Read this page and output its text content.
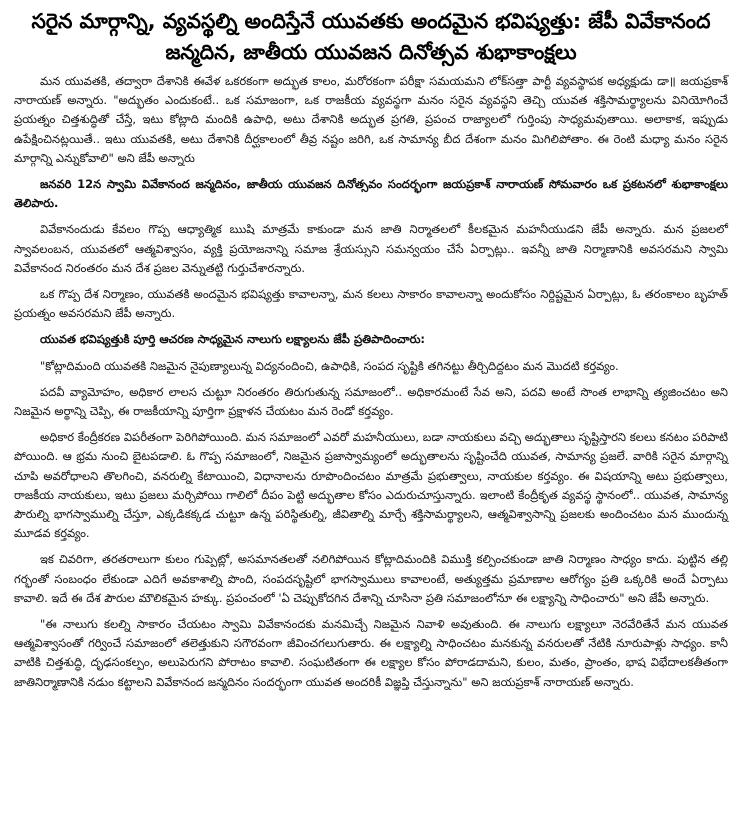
సరైన మార్గాన్ని, వ్యవస్థల్ని అందిస్తేనే యువతకు అందమైన భవిష్యత్తు: జేపీ వివేకానంద జన్మదిన, జాతీయ యువజన దినోత్సవ శుభాకాంక్షలు

మన యువతకి, తద్వారా దేశానికి ఈవేళ ఒకరకంగా అద్భుత కాలం, మరోరకంగా పరీక్షా సమయమని లోక్‌సత్తా పార్టీ వ్యవస్థాపక అధ్యక్షుడు డా॥ జయప్రకాశ్ నారాయణ్ అన్నారు. "అద్భుతం ఎందుకంటే.. ఒక సమాజంగా, ఒక రాజకీయ వ్యవస్థగా మనం సరైన వ్యవస్థని తెచ్చి యువత శక్తిసామర్థ్యాలను వినియోగించే ప్రయత్నం చిత్తశుద్ధితో చేస్తే, ఇటు కోట్లాది మందికి ఉపాధి, అటు దేశానికి అద్భుత ప్రగతి, ప్రపంచ రాజ్యాలలో గుర్తింపు సాధ్యమవుతాయి. అలాకాక, ఇప్పుడు ఉపేక్షించినట్లయితే.. ఇటు యువతకి, అటు దేశానికి దీర్ఘకాలంలో తీవ్ర నష్టం జరిగి, ఒక సామాన్య బీద దేశంగా మనం మిగిలిపోతాం. ఈ రెంటి మధ్యా మనం సరైన మార్గాన్ని ఎన్నుకోవాలి" అని జేపీ అన్నారు

జనవరి 12న స్వామి వివేకానంద జన్మదినం, జాతీయ యువజన దినోత్సవం సందర్భంగా జయప్రకాశ్ నారాయణ్ సోమవారం ఒక ప్రకటనలో శుభాకాంక్షలు తెలిపారు.

వివేకానందుడు కేవలం గొప్ప ఆధ్యాత్మిక ఋషి మాత్రమే కాకుండా మన జాతి నిర్మాతలలో కీలకమైన మహనీయుడని జేపీ అన్నారు. మన ప్రజలలో స్వావలంబన, యువతలో ఆత్మవిశ్వాసం, వ్యక్తి ప్రయోజనాన్ని సమాజ శ్రేయస్సుని సమన్వయం చేసే ఏర్పాట్లు.. ఇవన్నీ జాతి నిర్మాణానికి అవసరమని స్వామి వివేకానంద నిరంతరం మన దేశ ప్రజల వెన్నుతట్టి గుర్తుచేశారన్నారు.

ఒక గొప్ప దేశ నిర్మాణం, యువతకి అందమైన భవిష్యత్తు కావాలన్నా, మన కలలు సాకారం కావాలన్నా అందుకోసం నిర్దిష్టమైన ఏర్పాట్లు, ఓ తరంకాలం బృహత్ ప్రయత్నం అవసరమని జేపీ అన్నారు.

యువత భవిష్యత్తుకి పూర్తి ఆచరణ సాధ్యమైన నాలుగు లక్ష్యాలను జేపీ ప్రతిపాదించారు:

"కోట్లాదిమంది యువతకి నిజమైన నైపుణ్యాలున్న విద్యనందించి, ఉపాధికి, సంపద సృష్టికి తగినట్టు తీర్చిదిద్దటం మన మొదటి కర్తవ్యం.

పదవీ వ్యామోహం, అధికార లాలస చుట్టూ నిరంతరం తిరుగుతున్న సమాజంలో.. అధికారమంటే సేవ అని, పదవి అంటే సొంత లాభాన్ని త్యజించటం అని నిజమైన అర్థాన్ని చెప్పి, ఈ రాజకీయాన్ని పూర్తిగా ప్రక్షాళన చేయటం మన రెండో కర్తవ్యం.

అధికార కేంద్రీకరణ విపరీతంగా పెరిగిపోయింది. మన సమాజంలో ఎవరో మహనీయులు, బడా నాయకులు వచ్చి అద్భుతాలు సృష్టిస్తారని కలలు కనటం పరిపాటి పోయింది. ఆ భ్రమ నుంచి బైటపడాలి. ఓ గొప్ప సమాజంలో, నిజమైన ప్రజాస్వామ్యంలో అద్భుతాలను సృష్టించేది యువత, సామాన్య ప్రజలే. వారికి సరైన మార్గాన్ని చూపి అవరోధాలని తొలగించి, వనరుల్ని కేటాయించి, విధానాలను రూపొందించటం మాత్రమే ప్రభుత్వాలు, నాయకుల కర్తవ్యం. ఈ విషయాన్ని అటు ప్రభుత్వాలు, రాజకీయ నాయకులు, ఇటు ప్రజలు మర్చిపోయి గాలిలో దీపం పెట్టి అద్భుతాల కోసం ఎదురుచూస్తున్నారు. ఇలాంటి కేంద్రీకృత వ్యవస్థ స్థానంలో.. యువత, సామాన్య పౌరుల్ని భాగస్వాముల్ని చేస్తూ, ఎక్కడికక్కడ చుట్టూ ఉన్న పరిస్థితుల్ని, జీవితాల్ని మార్చే శక్తిసామర్థ్యాలని, ఆత్మవిశ్వాసాన్ని ప్రజలకు అందించటం మన ముందున్న మూడవ కర్తవ్యం.

ఇక చివరిగా, తరతరాలుగా కులం గుప్పెట్లో, అసమానతలతో నలిగిపోయిన కోట్లాదిమందికి విముక్తి కల్పించకుండా జాతి నిర్మాణం సాధ్యం కాదు. పుట్టిన తల్లి గర్భంతో సంబంధం లేకుండా ఎదిగే అవకాశాల్ని పొంది, సంపదసృష్టిలో భాగస్వాములు కావాలంటే, అత్యుత్తమ ప్రమాణాల ఆరోగ్యం ప్రతి ఒక్కరికి అందే ఏర్పాటు కావాలి. ఇదే ఈ దేశ పౌరుల మౌలికమైన హక్కు. ప్రపంచంలో 'ఏ చెప్పుకోదగిన దేశాన్ని చూసినా ప్రతి సమాజంలోనూ ఈ లక్ష్యాన్ని సాధించారు" అని జేపీ అన్నారు.

"ఈ నాలుగు కలల్ని సాకారం చేయటం స్వామి వివేకానందకు మనమిచ్చే నిజమైన నివాళి అవుతుంది. ఈ నాలుగు లక్ష్యాలూ నెరవేరితేనే మన యువత ఆత్మవిశ్వాసంతో గర్వించే సమాజంలో తలెత్తుకుని సగౌరవంగా జీవించగలుగుతారు. ఈ లక్ష్యాల్ని సాధించటం మనకున్న వనరులతో నేటికి నూరుపాళ్లు సాధ్యం. కానీ వాటికి చిత్తశుద్ధి, దృఢసంకల్పం, అలుపెరుగని పోరాటం కావాలి. సంఘటితంగా ఈ లక్ష్యాల కోసం పోరాడదామని, కులం, మతం, ప్రాంతం, భాష విభేదాలకతీతంగా జాతినిర్మాణానికి నడుం కట్టాలని వివేకానంద జన్మదినం సందర్భంగా యువత అందరికీ విజ్ఞప్తి చేస్తున్నాను" అని జయప్రకాశ్ నారాయణ్ అన్నారు.
